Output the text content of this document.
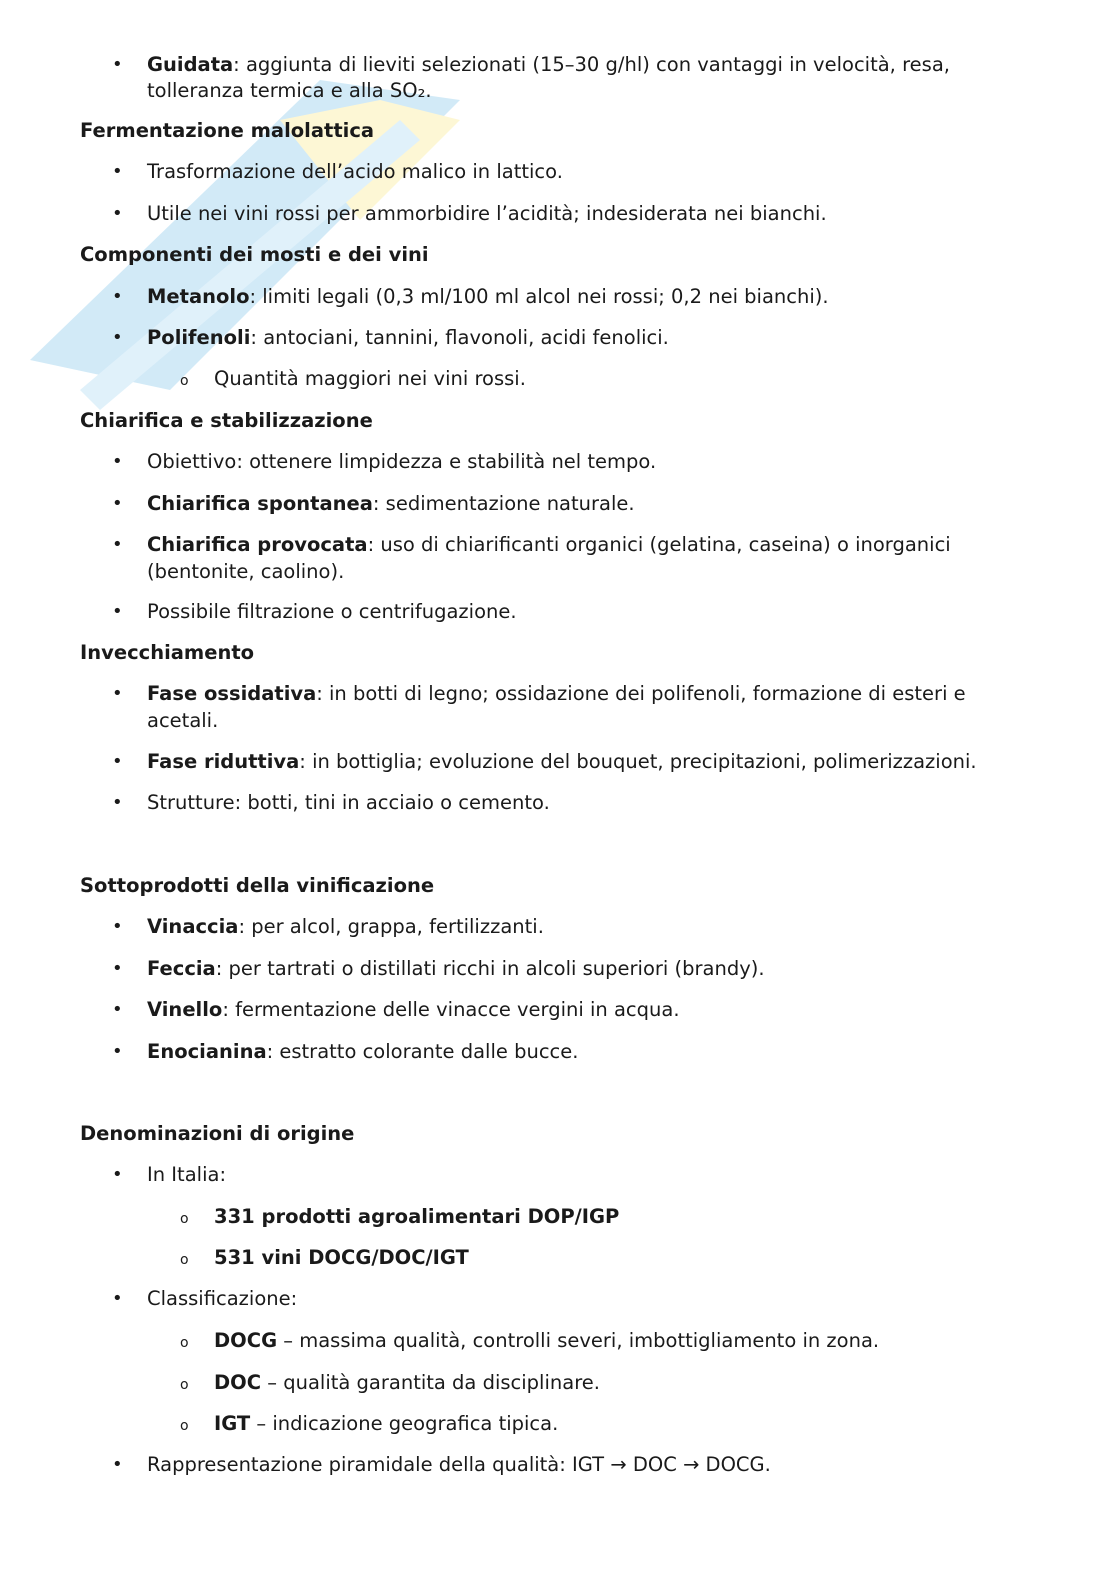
• Guidata: aggiunta di lieviti selezionati (15–30 g/hl) con vantaggi in velocità, resa,
tolleranza termica e alla SO₂.
Fermentazione malolattica
• Trasformazione dell’acido malico in lattico.
• Utile nei vini rossi per ammorbidire l’acidità; indesiderata nei bianchi.
Componenti dei mosti e dei vini
• Metanolo: limiti legali (0,3 ml/100 ml alcol nei rossi; 0,2 nei bianchi).
• Polifenoli: antociani, tannini, flavonoli, acidi fenolici.
o Quantità maggiori nei vini rossi.
Chiarifica e stabilizzazione
• Obiettivo: ottenere limpidezza e stabilità nel tempo.
• Chiarifica spontanea: sedimentazione naturale.
• Chiarifica provocata: uso di chiarificanti organici (gelatina, caseina) o inorganici
(bentonite, caolino).
• Possibile filtrazione o centrifugazione.
Invecchiamento
• Fase ossidativa: in botti di legno; ossidazione dei polifenoli, formazione di esteri e
acetali.
• Fase riduttiva: in bottiglia; evoluzione del bouquet, precipitazioni, polimerizzazioni.
• Strutture: botti, tini in acciaio o cemento.
Sottoprodotti della vinificazione
• Vinaccia: per alcol, grappa, fertilizzanti.
• Feccia: per tartrati o distillati ricchi in alcoli superiori (brandy).
• Vinello: fermentazione delle vinacce vergini in acqua.
• Enocianina: estratto colorante dalle bucce.
Denominazioni di origine
• In Italia:
o 331 prodotti agroalimentari DOP/IGP
o 531 vini DOCG/DOC/IGT
• Classificazione:
o DOCG – massima qualità, controlli severi, imbottigliamento in zona.
o DOC – qualità garantita da disciplinare.
o IGT – indicazione geografica tipica.
• Rappresentazione piramidale della qualità: IGT → DOC → DOCG.
